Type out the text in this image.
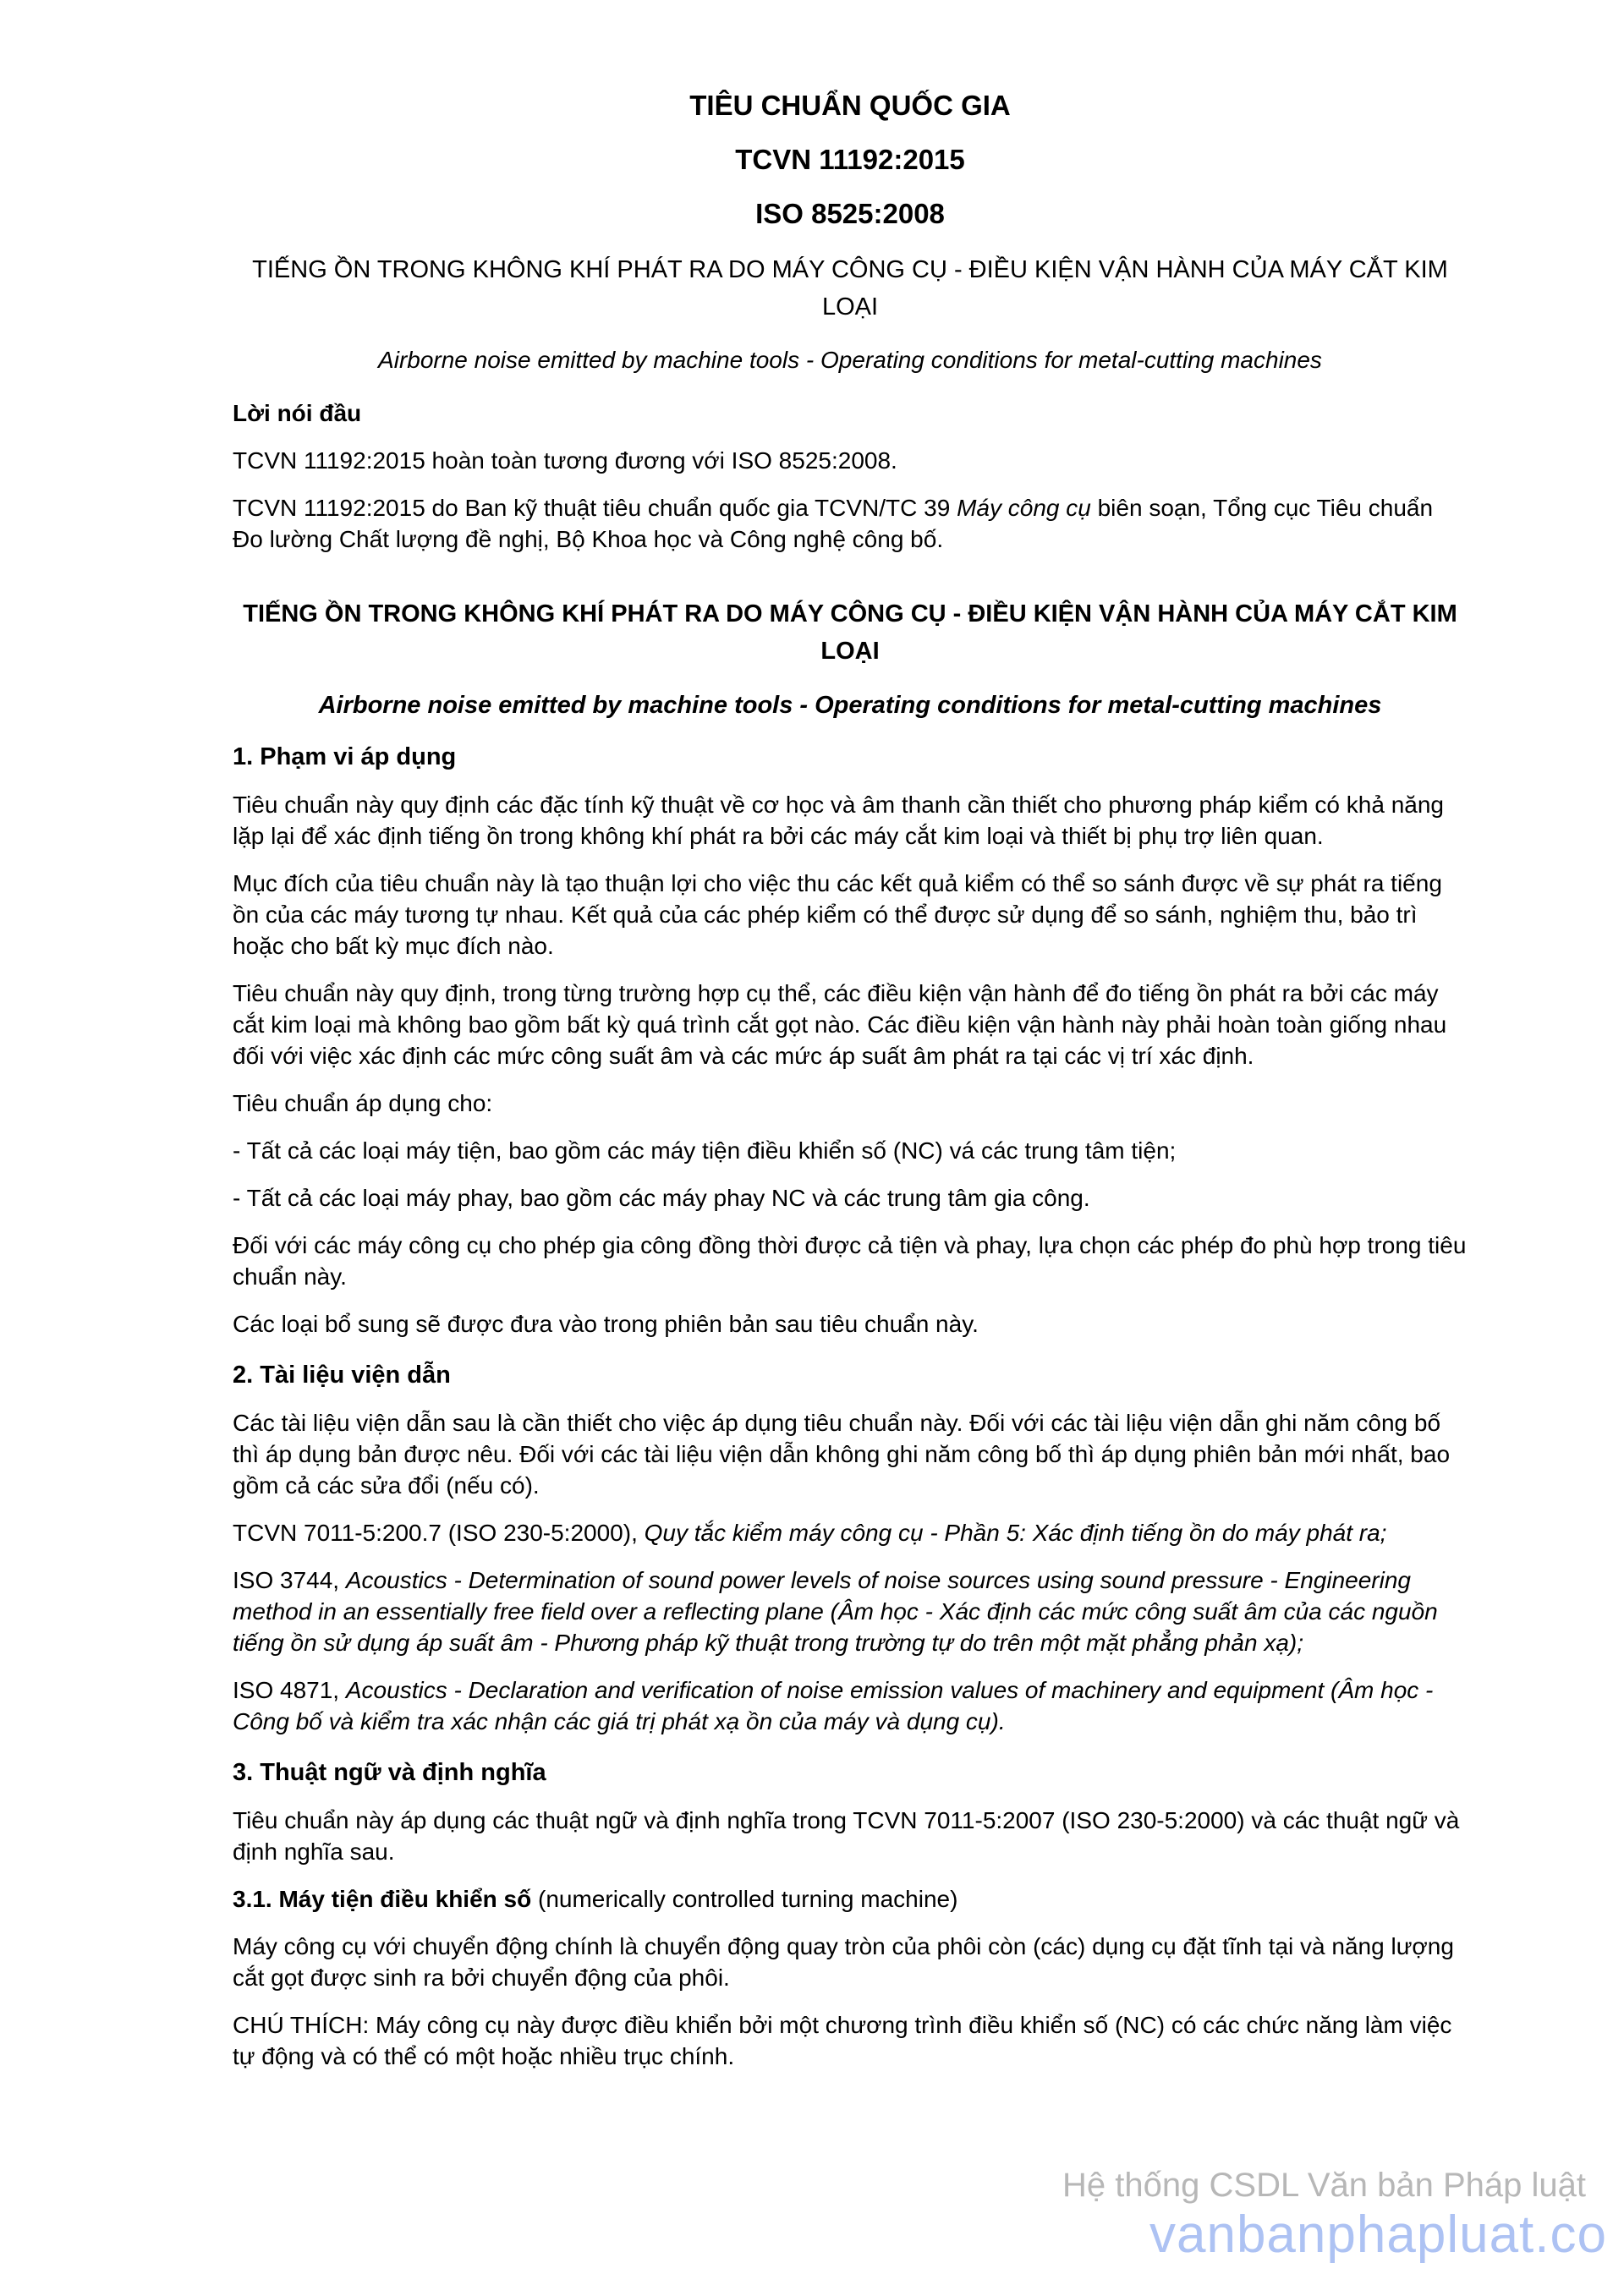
TIÊU CHUẨN QUỐC GIA
TCVN 11192:2015
ISO 8525:2008
TIẾNG ỒN TRONG KHÔNG KHÍ PHÁT RA DO MÁY CÔNG CỤ - ĐIỀU KIỆN VẬN HÀNH CỦA MÁY CẮT KIM LOẠI
Airborne noise emitted by machine tools - Operating conditions for metal-cutting machines
Lời nói đầu

TCVN 11192:2015 hoàn toàn tương đương với ISO 8525:2008.

TCVN 11192:2015 do Ban kỹ thuật tiêu chuẩn quốc gia TCVN/TC 39 Máy công cụ biên soạn, Tổng cục Tiêu chuẩn Đo lường Chất lượng đề nghị, Bộ Khoa học và Công nghệ công bố.

TIẾNG ỒN TRONG KHÔNG KHÍ PHÁT RA DO MÁY CÔNG CỤ - ĐIỀU KIỆN VẬN HÀNH CỦA MÁY CẮT KIM LOẠI
Airborne noise emitted by machine tools - Operating conditions for metal-cutting machines
1. Phạm vi áp dụng

Tiêu chuẩn này quy định các đặc tính kỹ thuật về cơ học và âm thanh cần thiết cho phương pháp kiểm có khả năng lặp lại để xác định tiếng ồn trong không khí phát ra bởi các máy cắt kim loại và thiết bị phụ trợ liên quan.

Mục đích của tiêu chuẩn này là tạo thuận lợi cho việc thu các kết quả kiểm có thể so sánh được về sự phát ra tiếng ồn của các máy tương tự nhau. Kết quả của các phép kiểm có thể được sử dụng để so sánh, nghiệm thu, bảo trì hoặc cho bất kỳ mục đích nào.

Tiêu chuẩn này quy định, trong từng trường hợp cụ thể, các điều kiện vận hành để đo tiếng ồn phát ra bởi các máy cắt kim loại mà không bao gồm bất kỳ quá trình cắt gọt nào. Các điều kiện vận hành này phải hoàn toàn giống nhau đối với việc xác định các mức công suất âm và các mức áp suất âm phát ra tại các vị trí xác định.

Tiêu chuẩn áp dụng cho:

- Tất cả các loại máy tiện, bao gồm các máy tiện điều khiển số (NC) vá các trung tâm tiện;

- Tất cả các loại máy phay, bao gồm các máy phay NC và các trung tâm gia công.

Đối với các máy công cụ cho phép gia công đồng thời được cả tiện và phay, lựa chọn các phép đo phù hợp trong tiêu chuẩn này.

Các loại bổ sung sẽ được đưa vào trong phiên bản sau tiêu chuẩn này.

2. Tài liệu viện dẫn

Các tài liệu viện dẫn sau là cần thiết cho việc áp dụng tiêu chuẩn này. Đối với các tài liệu viện dẫn ghi năm công bố thì áp dụng bản được nêu. Đối với các tài liệu viện dẫn không ghi năm công bố thì áp dụng phiên bản mới nhất, bao gồm cả các sửa đổi (nếu có).

TCVN 7011-5:200.7 (ISO 230-5:2000), Quy tắc kiểm máy công cụ - Phần 5: Xác định tiếng ồn do máy phát ra;

ISO 3744, Acoustics - Determination of sound power levels of noise sources using sound pressure - Engineering method in an essentially free field over a reflecting plane (Âm học - Xác định các mức công suất âm của các nguồn tiếng ồn sử dụng áp suất âm - Phương pháp kỹ thuật trong trường tự do trên một mặt phẳng phản xạ);

ISO 4871, Acoustics - Declaration and verification of noise emission values of machinery and equipment (Âm học - Công bố và kiểm tra xác nhận các giá trị phát xạ ồn của máy và dụng cụ).

3. Thuật ngữ và định nghĩa

Tiêu chuẩn này áp dụng các thuật ngữ và định nghĩa trong TCVN 7011-5:2007 (ISO 230-5:2000) và các thuật ngữ và định nghĩa sau.

3.1. Máy tiện điều khiển số (numerically controlled turning machine)

Máy công cụ với chuyển động chính là chuyển động quay tròn của phôi còn (các) dụng cụ đặt tĩnh tại và năng lượng cắt gọt được sinh ra bởi chuyển động của phôi.

CHÚ THÍCH: Máy công cụ này được điều khiển bởi một chương trình điều khiển số (NC) có các chức năng làm việc tự động và có thể có một hoặc nhiều trục chính.

Hệ thống CSDL Văn bản Pháp luật
vanbanphapluat.co
